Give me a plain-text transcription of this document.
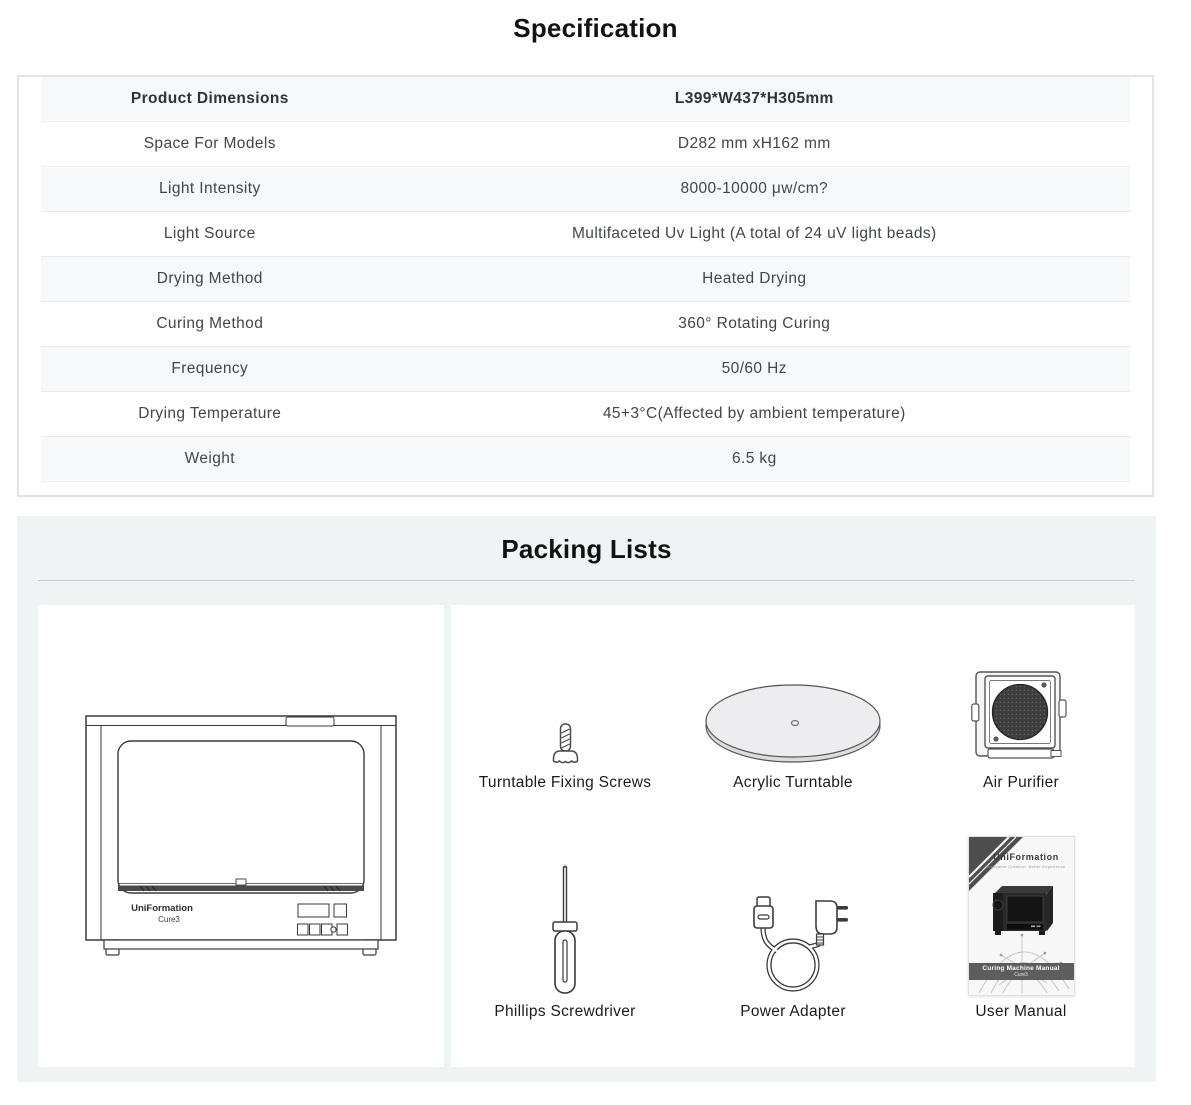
Specification
Product Dimensions	L399*W437*H305mm
Space For Models	D282 mm xH162 mm
Light Intensity	8000-10000 μw/cm?
Light Source	Multifaceted Uv Light (A total of 24 uV light beads)
Drying Method	Heated Drying
Curing Method	360° Rotating Curing
Frequency	50/60 Hz
Drying Temperature	45+3°C(Affected by ambient temperature)
Weight	6.5 kg
Packing Lists
UniFormation
Cure3
Turntable Fixing Screws	Acrylic Turntable	Air Purifier
Phillips Screwdriver	Power Adapter
UniFormation
Enjoyable Creation, Better Experience
Curing Machine Manual
Cure3
User Manual
